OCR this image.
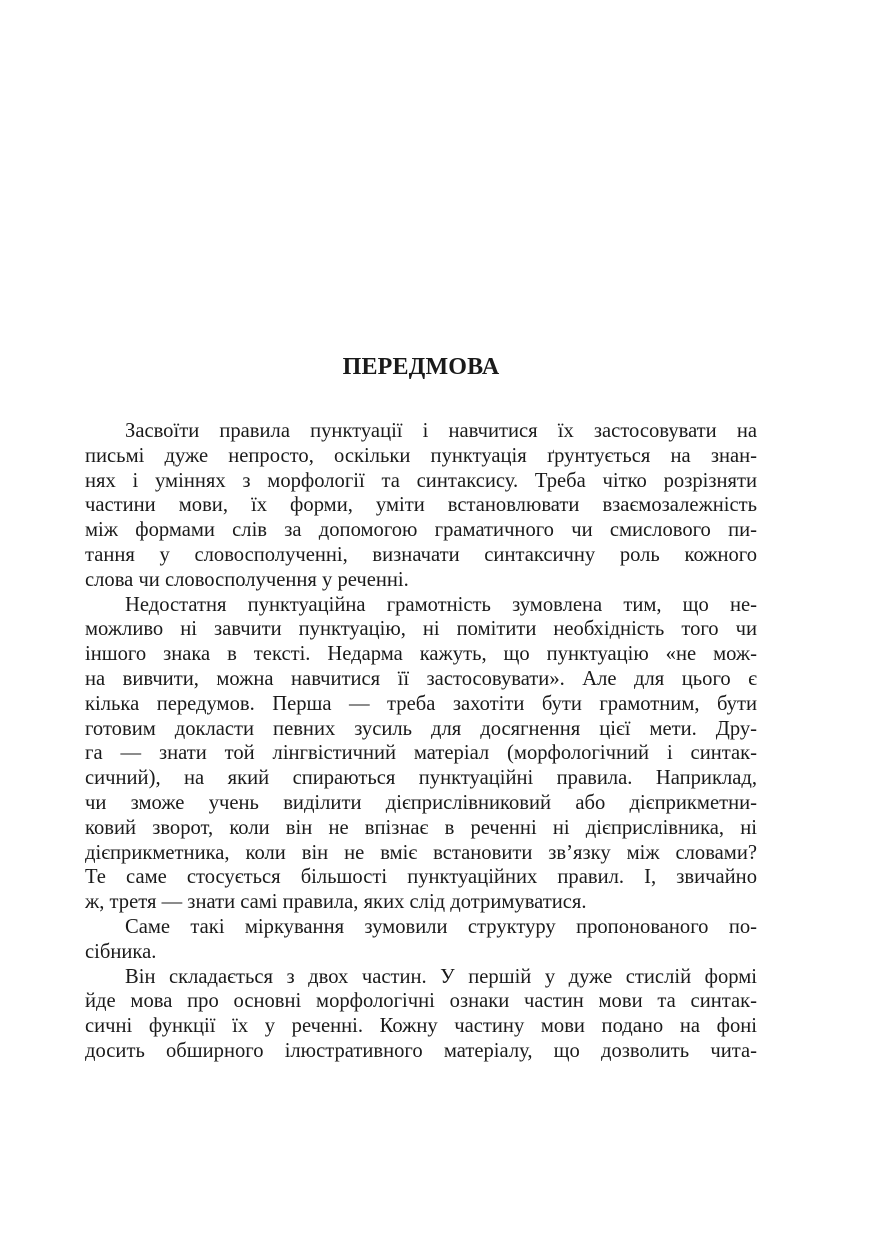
ПЕРЕДМОВА
Засвоїти правила пунктуації і навчитися їх застосовувати на
письмі дуже непросто, оскільки пунктуація ґрунтується на знан-
нях і уміннях з морфології та синтаксису. Треба чітко розрізняти
частини мови, їх форми, уміти встановлювати взаємозалежність
між формами слів за допомогою граматичного чи смислового пи-
тання у словосполученні, визначати синтаксичну роль кожного
слова чи словосполучення у реченні.
Недостатня пунктуаційна грамотність зумовлена тим, що не-
можливо ні завчити пунктуацію, ні помітити необхідність того чи
іншого знака в тексті. Недарма кажуть, що пунктуацію «не мож-
на вивчити, можна навчитися її застосовувати». Але для цього є
кілька передумов. Перша — треба захотіти бути грамотним, бути
готовим докласти певних зусиль для досягнення цієї мети. Дру-
га — знати той лінгвістичний матеріал (морфологічний і синтак-
сичний), на який спираються пунктуаційні правила. Наприклад,
чи зможе учень виділити дієприслівниковий або дієприкметни-
ковий зворот, коли він не впізнає в реченні ні дієприслівника, ні
дієприкметника, коли він не вміє встановити зв’язку між словами?
Те саме стосується більшості пунктуаційних правил. І, звичайно
ж, третя — знати самі правила, яких слід дотримуватися.
Саме такі міркування зумовили структуру пропонованого по-
сібника.
Він складається з двох частин. У першій у дуже стислій формі
йде мова про основні морфологічні ознаки частин мови та синтак-
сичні функції їх у реченні. Кожну частину мови подано на фоні
досить обширного ілюстративного матеріалу, що дозволить чита-
